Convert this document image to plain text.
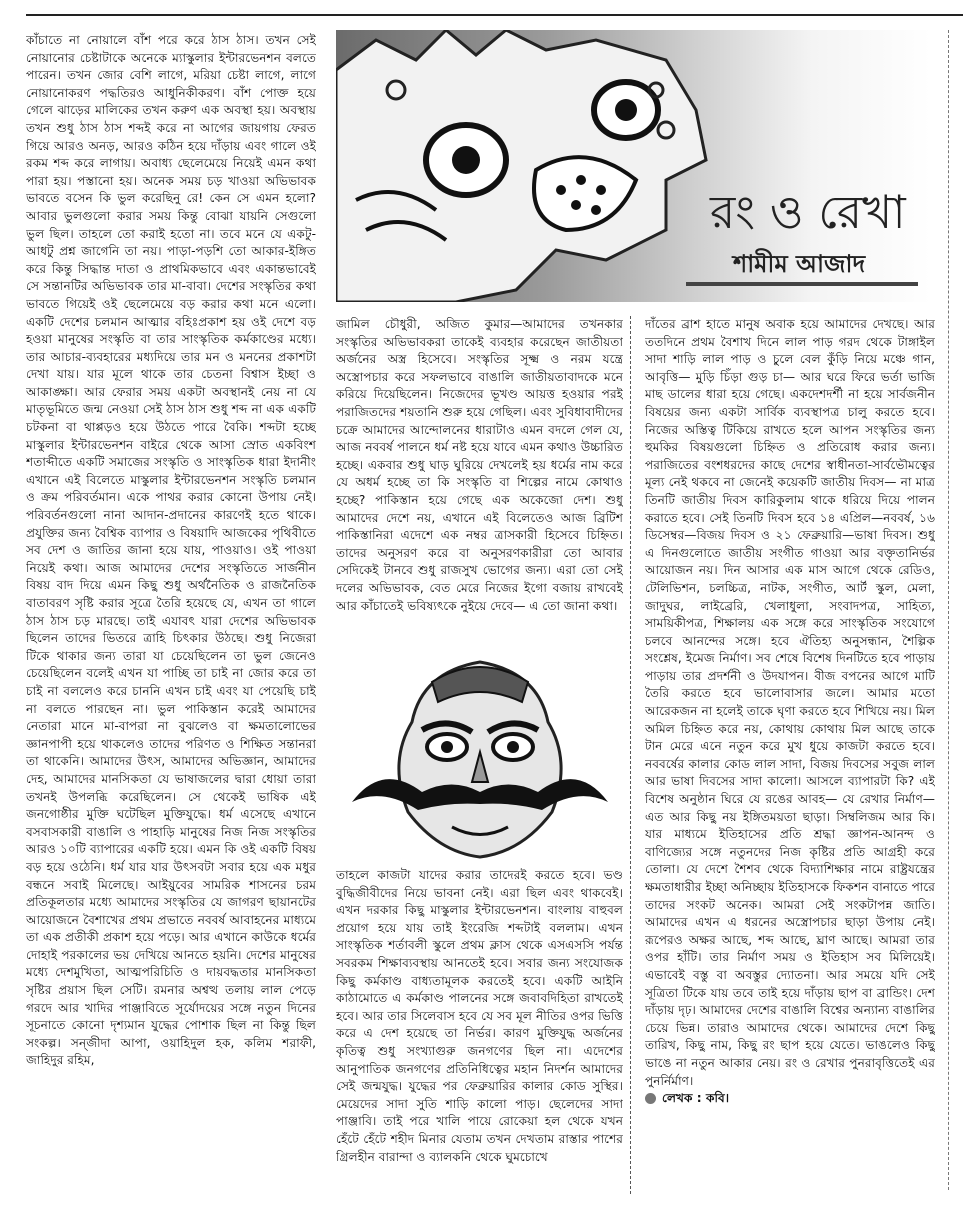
কাঁচাতে না নোয়ালে বাঁশ পরে করে ঠাস ঠাস। তখন সেই নোয়ানোর চেষ্টাটাকে অনেকে ম্যাস্কুলার ইন্টারভেনশন বলতে পারেন। তখন জোর বেশি লাগে, মরিয়া চেষ্টা লাগে, লাগে নোয়ানোকরণ পদ্ধতিরও আধুনিকীকরণ। বাঁশ পোক্ত হয়ে গেলে ঝাড়ের মালিকের তখন করুণ এক অবস্থা হয়। অবস্থায় তখন শুধু ঠাস ঠাস শব্দই করে না আগের জায়গায় ফেরত গিয়ে আরও অনড়, আরও কঠিন হয়ে দাঁড়ায় এবং গালে ওই রকম শব্দ করে লাগায়। অবাধ্য ছেলেমেয়ে নিয়েই এমন কথা পারা হয়। পস্তানো হয়। অনেক সময় চড় খাওয়া অভিভাবক ভাবতে বসেন কি ভুল করেছিনু রে! কেন সে এমন হলো? আবার ভুলগুলো করার সময় কিন্তু বোঝা যায়নি সেগুলো ভুল ছিল। তাহলে তো করাই হতো না। তবে মনে যে একটু-আধটু প্রশ্ন জাগেনি তা নয়। পাড়া-পড়শি তো আকার-ইঙ্গিত করে কিন্তু সিদ্ধান্ত দাতা ও প্রাথমিকভাবে এবং একান্তভাবেই সে সন্তানটির অভিভাবক তার মা-বাবা। দেশের সংস্কৃতির কথা ভাবতে গিয়েই ওই ছেলেমেয়ে বড় করার কথা মনে এলো। একটি দেশের চলমান আত্মার বহিঃপ্রকাশ হয় ওই দেশে বড় হওয়া মানুষের সংস্কৃতি বা তার সাংস্কৃতিক কর্মকাণ্ডের মধ্যে। তার আচার-ব্যবহারের মধ্যদিয়ে তার মন ও মননের প্রকাশটা দেখা যায়। যার মূলে থাকে তার চেতনা বিশ্বাস ইচ্ছা ও আকাঙ্ক্ষা। আর ফেরার সময় একটা অবস্থানই নেয় না যে মাতৃভূমিতে জন্ম নেওয়া সেই ঠাস ঠাস শুধু শব্দ না এক একটি চটকনা বা থাপ্পড়ও হয়ে উঠতে পারে বৈকি। শব্দটা হচ্ছে মাস্কুলার ইন্টারভেনশন বাইরে থেকে আসা স্রোত একবিংশ শতাব্দীতে একটি সমাজের সংস্কৃতি ও সাংস্কৃতিক ধারা ইদানীং এখানে এই বিলেতে মাস্কুলার ইন্টারভেনশন সংস্কৃতি চলমান ও ক্রম পরিবর্তমান। একে পাথর করার কোনো উপায় নেই। পরিবর্তনগুলো নানা আদান-প্রদানের কারণেই হতে থাকে। প্রযুক্তির জন্য বৈশ্বিক ব্যাপার ও বিষয়াদি আজকের পৃথিবীতে সব দেশ ও জাতির জানা হয়ে যায়, পাওয়াও। ওই পাওয়া নিয়েই কথা। আজ আমাদের দেশের সংস্কৃতিতে সার্জনীন বিষয় বাদ দিয়ে এমন কিছু শুধু অর্থনৈতিক ও রাজনৈতিক বাতাবরণ সৃষ্টি করার সূত্রে তৈরি হয়েছে যে, এখন তা গালে ঠাস ঠাস চড় মারছে। তাই এযাবৎ যারা দেশের অভিভাবক ছিলেন তাদের ভিতরে ত্রাহি চিৎকার উঠছে। শুধু নিজেরা টিকে থাকার জন্য তারা যা চেয়েছিলেন তা ভুল জেনেও চেয়েছিলেন বলেই এখন যা পাচ্ছি তা চাই না জোর করে তা চাই না বললেও করে চাননি এখন চাই এবং যা পেয়েছি চাই না বলতে পারছেন না। ভুল পাকিস্তান করেই আমাদের নেতারা মানে মা-বাপরা না বুঝলেও বা ক্ষমতালোভের জ্ঞানপাপী হয়ে থাকলেও তাদের পরিণত ও শিক্ষিত সন্তানরা তা থাকেনি। আমাদের উৎস, আমাদের অভিজ্ঞান, আমাদের দেহ, আমাদের মানসিকতা যে ভাষাজলের দ্বারা ধোয়া তারা তখনই উপলব্ধি করেছিলেন। সে থেকেই ভাষিক এই জনগোষ্ঠীর মুক্তি ঘটেছিল মুক্তিযুদ্ধে। ধর্ম এসেছে এখানে বসবাসকারী বাঙালি ও পাহাড়ি মানুষের নিজ নিজ সংস্কৃতির আরও ১০টি ব্যাপারের একটি হয়ে। এমন কি ওই একটি বিষয় বড় হয়ে ওঠেনি। ধর্ম যার যার উৎসবটা সবার হয়ে এক মধুর বন্ধনে সবাই মিলেছে। আইয়ুবের সামরিক শাসনের চরম প্রতিকূলতার মধ্যে আমাদের সংস্কৃতির যে জাগরণ ছায়ানটের আয়োজনে বৈশাখের প্রথম প্রভাতে নববর্ষ আবাহনের মাধ্যমে তা এক প্রতীকী প্রকাশ হয়ে পড়ে। আর এখানে কাউকে ধর্মের দোহাই পরকালের ভয় দেখিয়ে আনতে হয়নি। দেশের মানুষের মধ্যে দেশমুখিতা, আত্মপরিচিতি ও দায়বদ্ধতার মানসিকতা সৃষ্টির প্রয়াস ছিল সেটি। রমনার অশ্বত্থ তলায় লাল পেড়ে গরদে আর খাদির পাঞ্জাবিতে সূর্যোদয়ের সঙ্গে নতুন দিনের সূচনাতে কোনো দৃশ্যমান যুদ্ধের পোশাক ছিল না কিন্তু ছিল সংকল্প। সন্‌জীদা আপা, ওয়াহিদুল হক, কলিম শরাফী, জাহিদুর রহিম,

রং ও রেখা
শামীম আজাদ

জামিল চৌধুরী, অজিত কুমার—আমাদের তখনকার সংস্কৃতির অভিভাবকরা তাকেই ব্যবহার করেছেন জাতীয়তা অর্জনের অস্ত্র হিসেবে। সংস্কৃতির সূক্ষ্ম ও নরম যন্ত্রে অস্ত্রোপচার করে সফলভাবে বাঙালি জাতীয়তাবাদকে মনে করিয়ে দিয়েছিলেন। নিজেদের ভূখণ্ড আয়ত্ত হওয়ার পরই পরাজিতদের শয়তানি শুরু হয়ে গেছিল। এবং সুবিধাবাদীদের চক্রে আমাদের আন্দোলনের ধারাটাও এমন বদলে গেল যে, আজ নববর্ষ পালনে ধর্ম নষ্ট হয়ে যাবে এমন কথাও উচ্চারিত হচ্ছে। একবার শুধু ঘাড় ঘুরিয়ে দেখলেই হয় ধর্মের নাম করে যে অধর্ম হচ্ছে তা কি সংস্কৃতি বা শিল্পের নামে কোথাও হচ্ছে? পাকিস্তান হয়ে গেছে এক অকেজো দেশ। শুধু আমাদের দেশে নয়, এখানে এই বিলেতেও আজ ব্রিটিশ পাকিস্তানিরা এদেশে এক নম্বর ত্রাসকারী হিসেবে চিহ্নিত। তাদের অনুসরণ করে বা অনুসরণকারীরা তো আবার সেদিকেই টানবে শুধু রাজসুখ ভোগের জন্য। এরা তো সেই দলের অভিভাবক, বেত মেরে নিজের ইগো বজায় রাখবেই আর কাঁচাতেই ভবিষ্যৎকে নুইয়ে দেবে— এ তো জানা কথা।

তাহলে কাজটা যাদের করার তাদেরই করতে হবে। ভণ্ড বুদ্ধিজীবীদের নিয়ে ভাবনা নেই। এরা ছিল এবং থাকবেই। এখন দরকার কিছু মাস্কুলার ইন্টারভেনশন। বাংলায় বাহুবল প্রয়োগ হয়ে যায় তাই ইংরেজি শব্দটাই বললাম। এখন সাংস্কৃতিক শর্তাবলী স্কুলে প্রথম ক্লাস থেকে এসএসসি পর্যন্ত সবরকম শিক্ষাব্যবস্থায় আনতেই হবে। সবার জন্য সংযোজক কিছু কর্মকাণ্ড বাধ্যতামূলক করতেই হবে। একটি আইনি কাঠামোতে এ কর্মকাণ্ড পালনের সঙ্গে জবাবদিহিতা রাখতেই হবে। আর তার সিলেবাস হবে যে সব মূল নীতির ওপর ভিত্তি করে এ দেশ হয়েছে তা নির্ভর। কারণ মুক্তিযুদ্ধ অর্জনের কৃতিত্ব শুধু সংখ্যাগুরু জনগণের ছিল না। এদেশের আনুপাতিক জনগণের প্রতিনিধিত্বের মহান নিদর্শন আমাদের সেই জন্মযুদ্ধ। যুদ্ধের পর ফেব্রুয়ারির কালার কোড সুস্থির। মেয়েদের সাদা সুতি শাড়ি কালো পাড়। ছেলেদের সাদা পাঞ্জাবি। তাই পরে খালি পায়ে রোকেয়া হল থেকে যখন হেঁটে হেঁটে শহীদ মিনার যেতাম তখন দেখতাম রাস্তার পাশের গ্রিলহীন বারান্দা ও ব্যালকনি থেকে ঘুমচোখে

দাঁতের ব্রাশ হাতে মানুষ অবাক হয়ে আমাদের দেখছে। আর ততদিনে প্রথম বৈশাখ দিনে লাল পাড় গরদ থেকে টাঙ্গাইল সাদা শাড়ি লাল পাড় ও চুলে বেল কুঁড়ি নিয়ে মঞ্চে গান, আবৃত্তি— মুড়ি চিঁড়া গুড় চা— আর ঘরে ফিরে ভর্তা ভাজি মাছ ডালের ধারা হয়ে গেছে। একদেশদর্শী না হয়ে সার্বজনীন বিষয়ের জন্য একটা সার্বিক ব্যবস্থাপত্র চালু করতে হবে। নিজের অস্তিত্ব টিকিয়ে রাখতে হলে আপন সংস্কৃতির জন্য হুমকির বিষয়গুলো চিহ্নিত ও প্রতিরোধ করার জন্য। পরাজিতের বংশধরদের কাছে দেশের স্বাধীনতা-সার্বভৌমত্বের মূল্য নেই থকবে না জেনেই কয়েকটি জাতীয় দিবস— না মাত্র তিনটি জাতীয় দিবস কারিকুলাম থাকে ধরিয়ে দিয়ে পালন করাতে হবে। সেই তিনটি দিবস হবে ১৪ এপ্রিল—নববর্ষ, ১৬ ডিসেম্বর—বিজয় দিবস ও ২১ ফেব্রুয়ারি—ভাষা দিবস। শুধু এ দিনগুলোতে জাতীয় সংগীত গাওয়া আর বক্তৃতানির্ভর আয়োজন নয়। দিন আসার এক মাস আগে থেকে রেডিও, টেলিভিশন, চলচ্চিত্র, নাটক, সংগীত, আর্ট স্কুল, মেলা, জাদুঘর, লাইব্রেরি, খেলাধুলা, সংবাদপত্র, সাহিত্য, সাময়িকীপত্র, শিক্ষালয় এক সঙ্গে করে সাংস্কৃতিক সংযোগে চলবে আনন্দের সঙ্গে। হবে ঐতিহ্য অনুসন্ধান, শৈল্পিক সংশ্লেষ, ইমেজ নির্মাণ। সব শেষে বিশেষ দিনটিতে হবে পাড়ায় পাড়ায় তার প্রদর্শনী ও উদযাপন। বীজ বপনের আগে মাটি তৈরি করতে হবে ভালোবাসার জলে। আমার মতো আরেকজন না হলেই তাকে ঘৃণা করতে হবে শিখিয়ে নয়। মিল অমিল চিহ্নিত করে নয়, কোথায় কোথায় মিল আছে তাকে টান মেরে এনে নতুন করে মুখ ধুয়ে কাজটা করতে হবে। নববর্ষের কালার কোড লাল সাদা, বিজয় দিবসের সবুজ লাল আর ভাষা দিবসের সাদা কালো। আসলে ব্যাপারটা কি? এই বিশেষ অনুষ্ঠান ঘিরে যে রঙের আবহ— যে রেখার নির্মাণ—এত আর কিছু নয় ইঙ্গিতময়তা ছাড়া। সিম্বলিজম আর কি। যার মাধ্যমে ইতিহাসের প্রতি শ্রদ্ধা জ্ঞাপন-আনন্দ ও বাণিজ্যের সঙ্গে নতুনদের নিজ কৃষ্টির প্রতি আগ্রহী করে তোলা। যে দেশে শৈশব থেকে বিদ্যাশিক্ষার নামে রাষ্ট্রযন্ত্রের ক্ষমতাধারীর ইচ্ছা অনিচ্ছায় ইতিহাসকে ফিকশন বানাতে পারে তাদের সংকট অনেক। আমরা সেই সংকটাপন্ন জাতি। আমাদের এখন এ ধরনের অস্ত্রোপচার ছাড়া উপায় নেই। রূপেরও অক্ষর আছে, শব্দ আছে, ঘ্রাণ আছে। আমরা তার ওপর হাঁটি। তার নির্মাণ সময় ও ইতিহাস সব মিলিয়েই। এভাবেই বস্তু বা অবস্তুর দ্যোতনা। আর সময়ে যদি সেই সূত্রিতা টিকে যায় তবে তাই হয়ে দাঁড়ায় ছাপ বা ব্রান্ডিং। দেশ দাঁড়ায় দৃঢ়। আমাদের দেশের বাঙালি বিশ্বের অন্যান্য বাঙালির চেয়ে ভিন্ন। তারাও আমাদের থেকে। আমাদের দেশে কিছু তারিখ, কিছু নাম, কিছু রং ছাপ হয়ে যেতে। ভাঙলেও কিছু ভাঙে না নতুন আকার নেয়। রং ও রেখার পুনরাবৃত্তিতেই এর পুনর্নির্মাণ।

লেখক : কবি।
